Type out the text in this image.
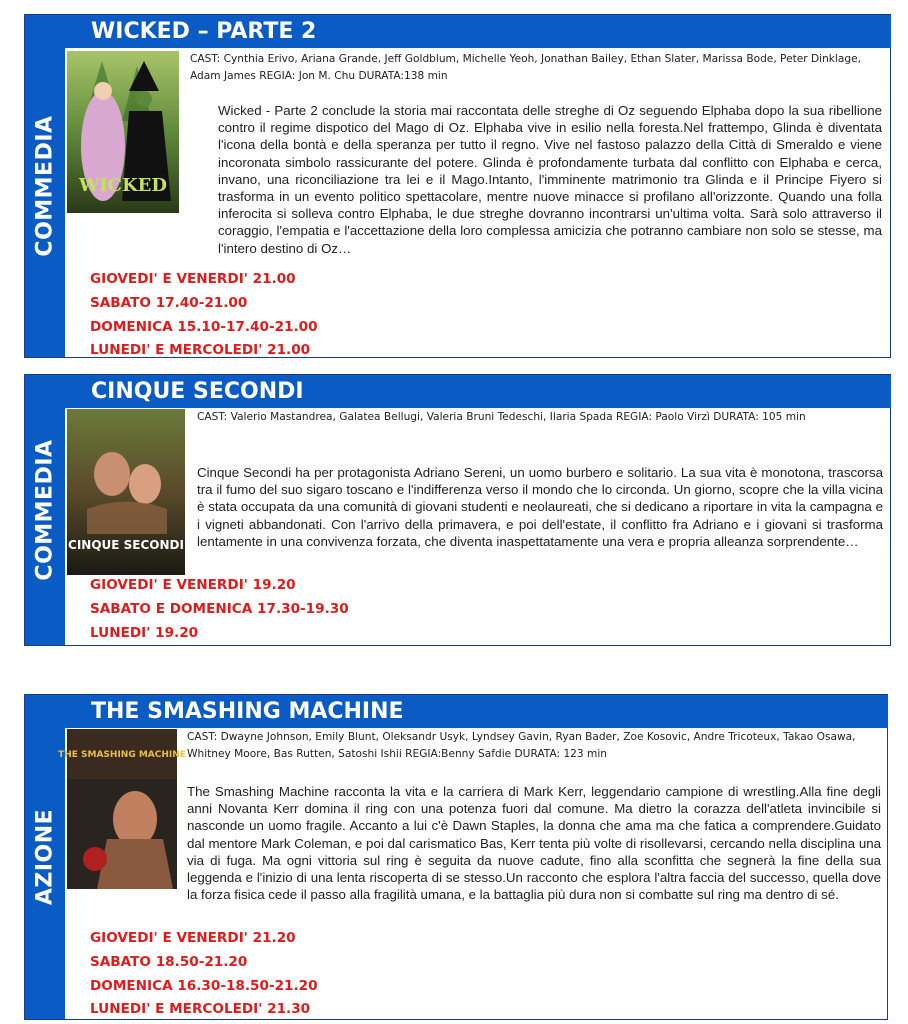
COMMEDIA
WICKED – PARTE 2
WICKED
CAST: Cynthia Erivo, Ariana Grande, Jeff Goldblum, Michelle Yeoh, Jonathan Bailey, Ethan Slater, Marissa Bode, Peter Dinklage, Adam James REGIA: Jon M. Chu DURATA:138 min
Wicked - Parte 2 conclude la storia mai raccontata delle streghe di Oz seguendo Elphaba dopo la sua ribellione contro il regime dispotico del Mago di Oz. Elphaba vive in esilio nella foresta.Nel frattempo, Glinda è diventata l'icona della bontà e della speranza per tutto il regno. Vive nel fastoso palazzo della Città di Smeraldo e viene incoronata simbolo rassicurante del potere. Glinda è profondamente turbata dal conflitto con Elphaba e cerca, invano, una riconciliazione tra lei e il Mago.Intanto, l'imminente matrimonio tra Glinda e il Principe Fiyero si trasforma in un evento politico spettacolare, mentre nuove minacce si profilano all'orizzonte. Quando una folla inferocita si solleva contro Elphaba, le due streghe dovranno incontrarsi un'ultima volta. Sarà solo attraverso il coraggio, l'empatia e l'accettazione della loro complessa amicizia che potranno cambiare non solo se stesse, ma l'intero destino di Oz…
GIOVEDI' E VENERDI' 21.00
SABATO 17.40-21.00
DOMENICA 15.10-17.40-21.00
LUNEDI' E MERCOLEDI' 21.00
COMMEDIA
CINQUE SECONDI
CINQUE SECONDI
CAST: Valerio Mastandrea, Galatea Bellugi, Valeria Bruni Tedeschi, Ilaria Spada REGIA: Paolo Virzì DURATA: 105 min
Cinque Secondi ha per protagonista Adriano Sereni, un uomo burbero e solitario. La sua vita è monotona, trascorsa tra il fumo del suo sigaro toscano e l'indifferenza verso il mondo che lo circonda. Un giorno, scopre che la villa vicina è stata occupata da una comunità di giovani studenti e neolaureati, che si dedicano a riportare in vita la campagna e i vigneti abbandonati. Con l'arrivo della primavera, e poi dell'estate, il conflitto fra Adriano e i giovani si trasforma lentamente in una convivenza forzata, che diventa inaspettatamente una vera e propria alleanza sorprendente…
GIOVEDI' E VENERDI' 19.20
SABATO E DOMENICA 17.30-19.30
LUNEDI' 19.20
AZIONE
THE SMASHING MACHINE
THE SMASHING MACHINE
CAST: Dwayne Johnson, Emily Blunt, Oleksandr Usyk, Lyndsey Gavin, Ryan Bader, Zoe Kosovic, Andre Tricoteux, Takao Osawa, Whitney Moore, Bas Rutten, Satoshi Ishii REGIA:Benny Safdie DURATA: 123 min
The Smashing Machine racconta la vita e la carriera di Mark Kerr, leggendario campione di wrestling.Alla fine degli anni Novanta Kerr domina il ring con una potenza fuori dal comune. Ma dietro la corazza dell'atleta invincibile si nasconde un uomo fragile. Accanto a lui c'è Dawn Staples, la donna che ama ma che fatica a comprendere.Guidato dal mentore Mark Coleman, e poi dal carismatico Bas, Kerr tenta più volte di risollevarsi, cercando nella disciplina una via di fuga. Ma ogni vittoria sul ring è seguita da nuove cadute, fino alla sconfitta che segnerà la fine della sua leggenda e l'inizio di una lenta riscoperta di se stesso.Un racconto che esplora l'altra faccia del successo, quella dove la forza fisica cede il passo alla fragilità umana, e la battaglia più dura non si combatte sul ring ma dentro di sé.
GIOVEDI' E VENERDI' 21.20
SABATO 18.50-21.20
DOMENICA 16.30-18.50-21.20
LUNEDI' E MERCOLEDI' 21.30
